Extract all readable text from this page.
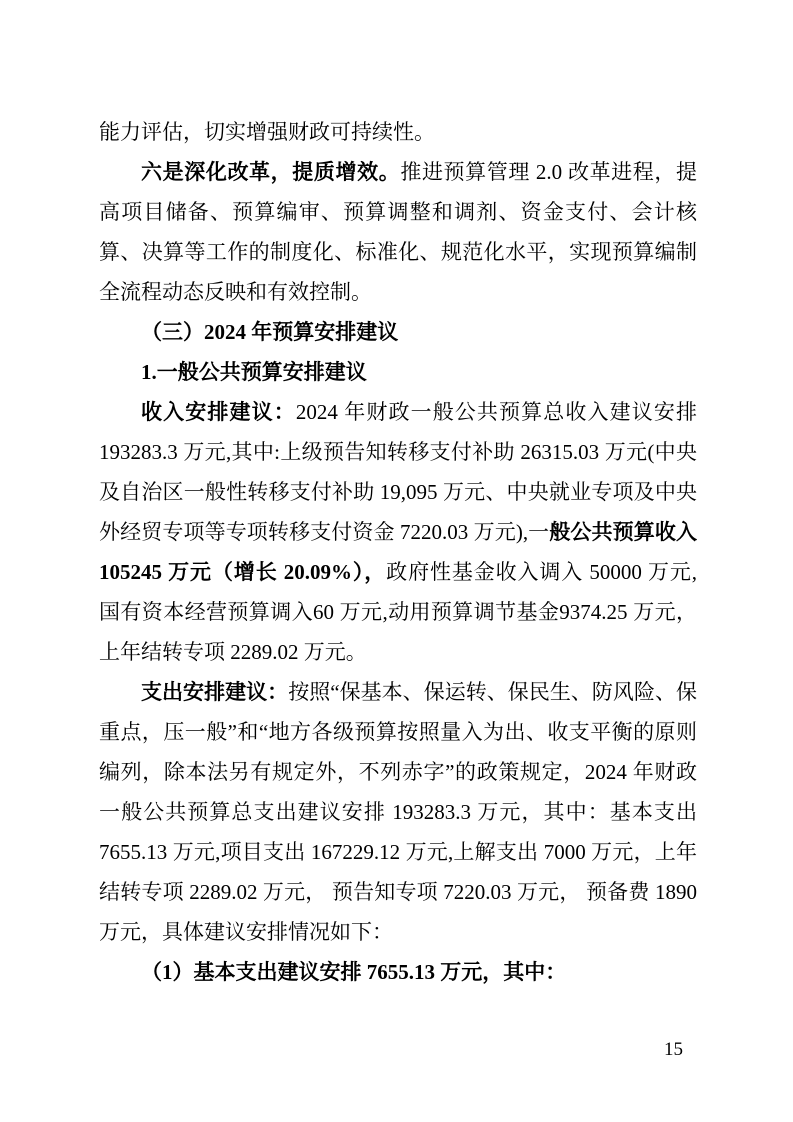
能力评估，切实增强财政可持续性。

六是深化改革，提质增效。推进预算管理 2.0 改革进程，提高项目储备、预算编审、预算调整和调剂、资金支付、会计核算、决算等工作的制度化、标准化、规范化水平，实现预算编制全流程动态反映和有效控制。

（三）2024 年预算安排建议

1.一般公共预算安排建议

收入安排建议：2024 年财政一般公共预算总收入建议安排 193283.3 万元,其中:上级预告知转移支付补助 26315.03 万元(中央及自治区一般性转移支付补助 19,095 万元、中央就业专项及中央外经贸专项等专项转移支付资金 7220.03 万元),一般公共预算收入 105245 万元（增长 20.09%），政府性基金收入调入 50000 万元,国有资本经营预算调入60 万元,动用预算调节基金9374.25 万元，上年结转专项 2289.02 万元。

支出安排建议：按照“保基本、保运转、保民生、防风险、保重点，压一般”和“地方各级预算按照量入为出、收支平衡的原则编列，除本法另有规定外，不列赤字”的政策规定，2024 年财政一般公共预算总支出建议安排 193283.3 万元，其中：基本支出 7655.13 万元,项目支出 167229.12 万元,上解支出 7000 万元，上年结转专项 2289.02 万元， 预告知专项 7220.03 万元， 预备费 1890 万元，具体建议安排情况如下：

（1）基本支出建议安排 7655.13 万元，其中：

15
